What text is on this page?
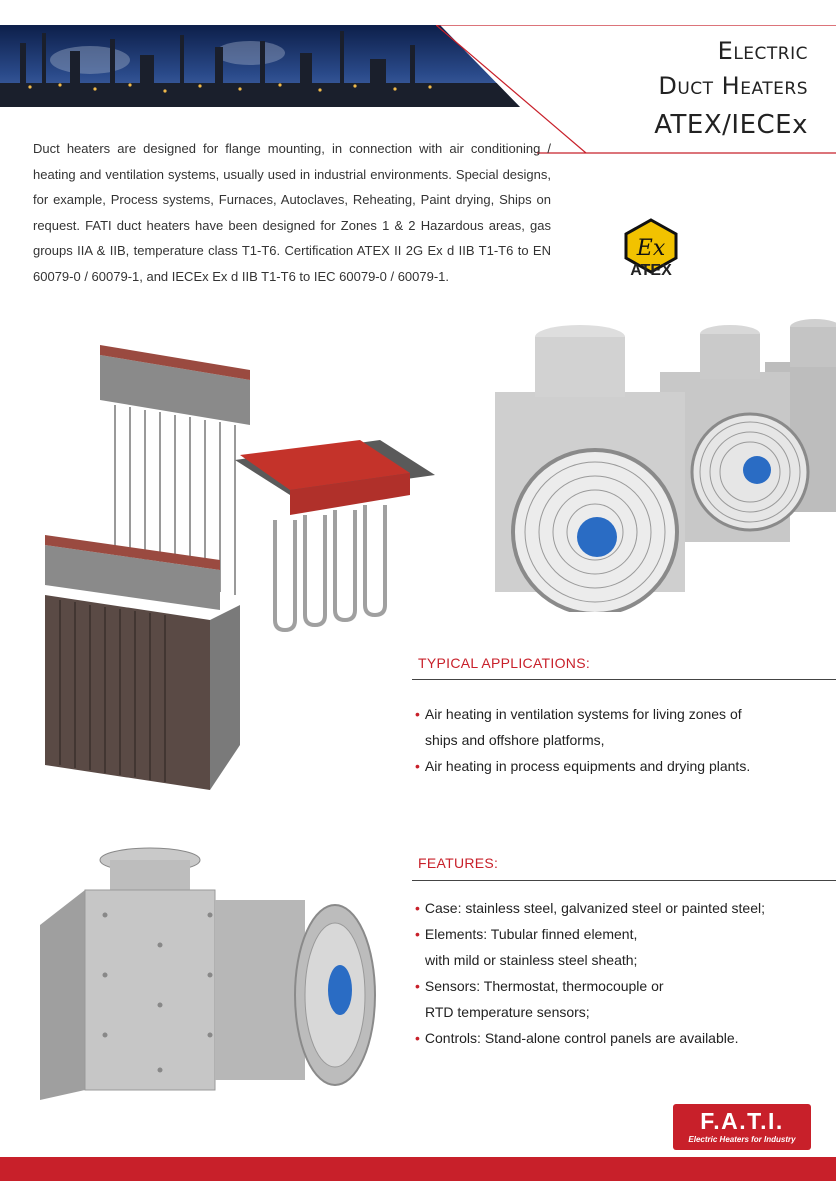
Electric
Duct Heaters
ATEX/IECEx
Duct heaters are designed for flange mounting, in connection with air conditioning / heating and ventilation systems, usually used in industrial environments. Special designs, for example, Process systems, Furnaces, Autoclaves, Reheating, Paint drying, Ships on request. FATI duct heaters have been designed for Zones 1 & 2 Hazardous areas, gas groups IIA & IIB, temperature class T1-T6. Certification ATEX II 2G Ex d IIB T1-T6 to EN 60079-0 / 60079-1, and IECEx Ex d IIB T1-T6 to IEC 60079-0 / 60079-1.
Ex
ATEX
TYPICAL APPLICATIONS:
• Air heating in ventilation systems for living zones of
ships and offshore platforms,
• Air heating in process equipments and drying plants.
FEATURES:
• Case: stainless steel, galvanized steel or painted steel;
• Elements: Tubular finned element,
with mild or stainless steel sheath;
• Sensors: Thermostat, thermocouple or
RTD temperature sensors;
• Controls: Stand-alone control panels are available.
F.A.T.I.
Electric Heaters for Industry
